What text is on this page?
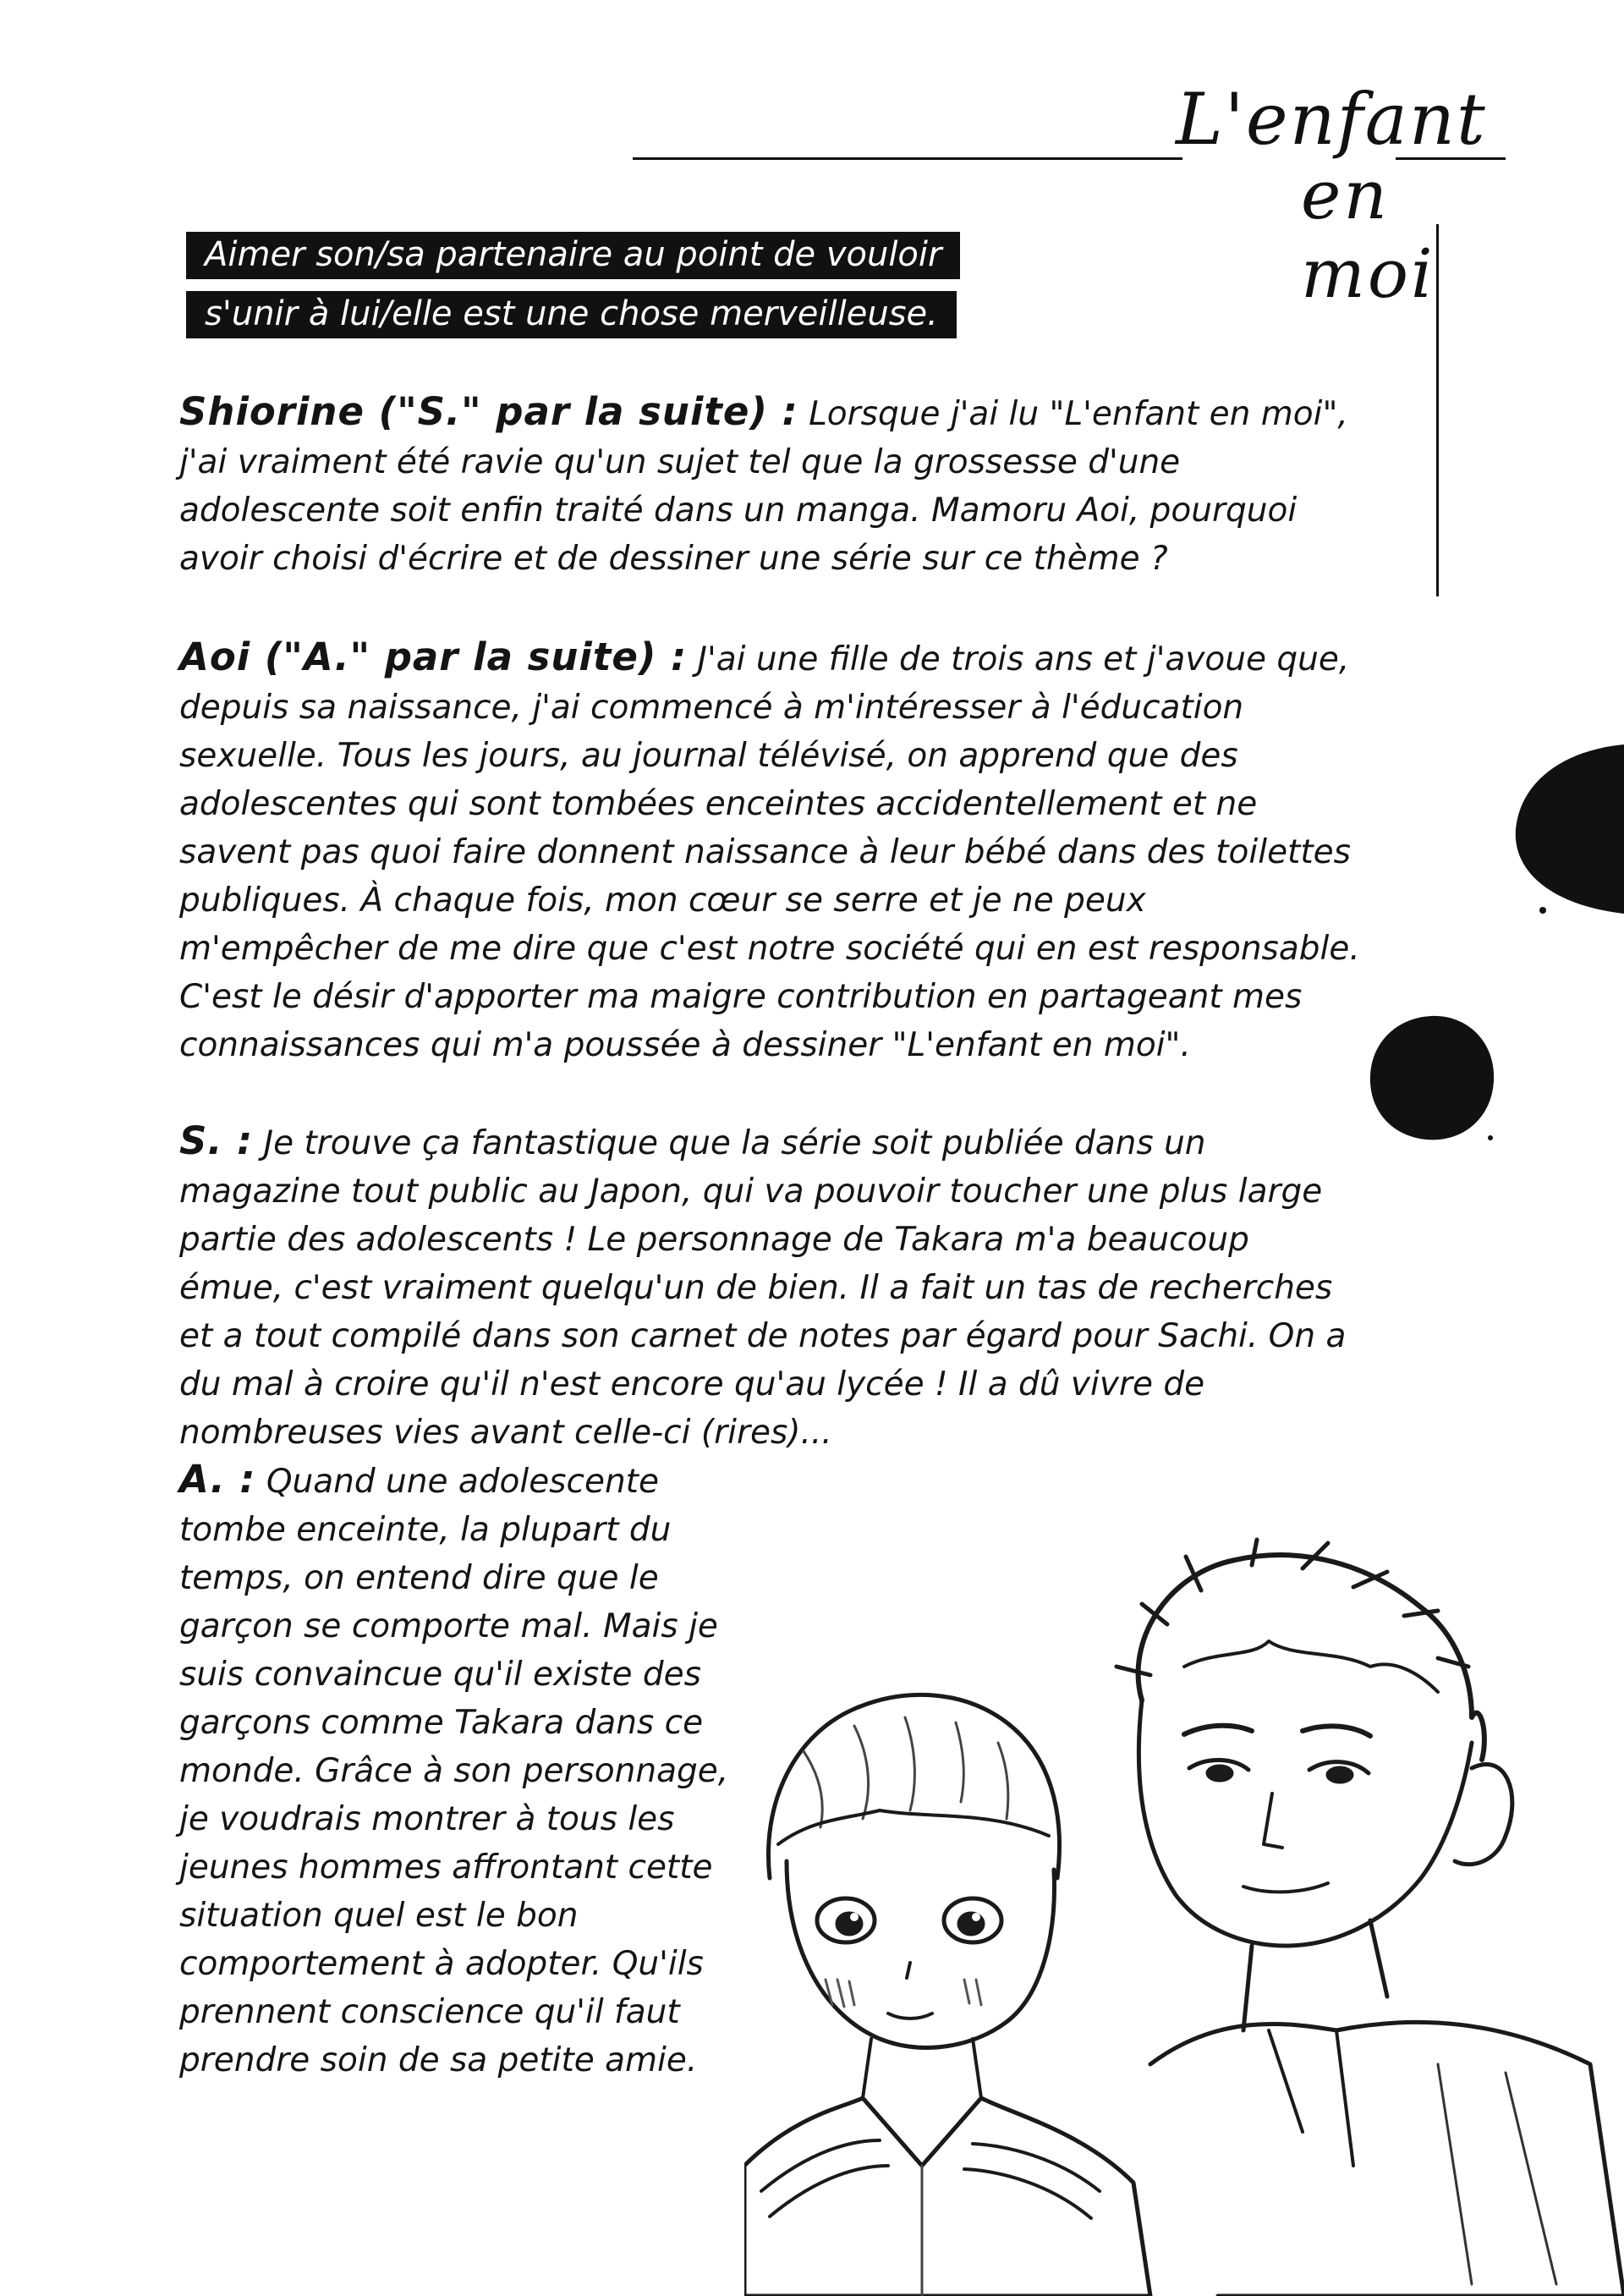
L'enfant
en moi
Aimer son/sa partenaire au point de vouloir
s'unir à lui/elle est une chose merveilleuse.

Shiorine ("S." par la suite) : Lorsque j'ai lu "L'enfant en moi", j'ai vraiment été ravie qu'un sujet tel que la grossesse d'une adolescente soit enfin traité dans un manga. Mamoru Aoi, pourquoi avoir choisi d'écrire et de dessiner une série sur ce thème ?

Aoi ("A." par la suite) : J'ai une fille de trois ans et j'avoue que, depuis sa naissance, j'ai commencé à m'intéresser à l'éducation sexuelle. Tous les jours, au journal télévisé, on apprend que des adolescentes qui sont tombées enceintes accidentellement et ne savent pas quoi faire donnent naissance à leur bébé dans des toilettes publiques. À chaque fois, mon cœur se serre et je ne peux m'empêcher de me dire que c'est notre société qui en est responsable. C'est le désir d'apporter ma maigre contribution en partageant mes connaissances qui m'a poussée à dessiner "L'enfant en moi".

S. : Je trouve ça fantastique que la série soit publiée dans un magazine tout public au Japon, qui va pouvoir toucher une plus large partie des adolescents ! Le personnage de Takara m'a beaucoup émue, c'est vraiment quelqu'un de bien. Il a fait un tas de recherches et a tout compilé dans son carnet de notes par égard pour Sachi. On a du mal à croire qu'il n'est encore qu'au lycée ! Il a dû vivre de nombreuses vies avant celle-ci (rires)...

A. : Quand une adolescente tombe enceinte, la plupart du temps, on entend dire que le garçon se comporte mal. Mais je suis convaincue qu'il existe des garçons comme Takara dans ce monde. Grâce à son personnage, je voudrais montrer à tous les jeunes hommes affrontant cette situation quel est le bon comportement à adopter. Qu'ils prennent conscience qu'il faut prendre soin de sa petite amie.
